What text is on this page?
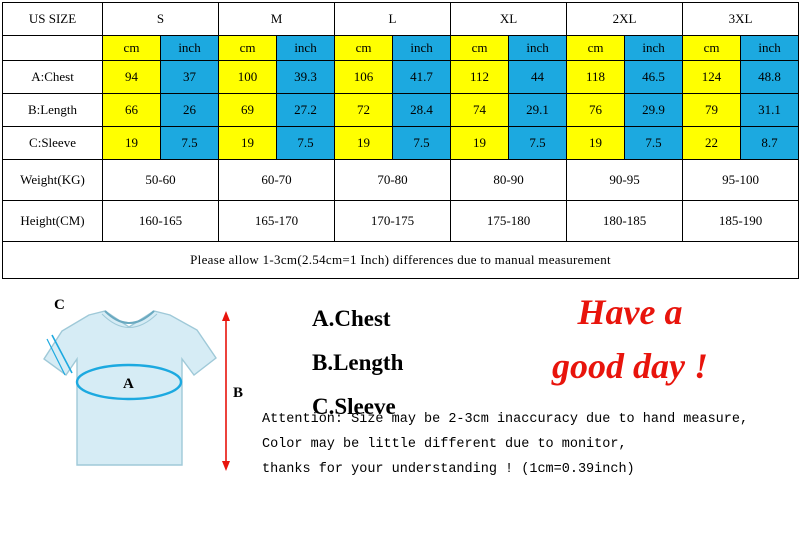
US SIZE	S		M		L		XL		2XL		3XL	
	cm	inch	cm	inch	cm	inch	cm	inch	cm	inch	cm	inch
A:Chest	94	37	100	39.3	106	41.7	112	44	118	46.5	124	48.8
B:Length	66	26	69	27.2	72	28.4	74	29.1	76	29.9	79	31.1
C:Sleeve	19	7.5	19	7.5	19	7.5	19	7.5	19	7.5	22	8.7
Weight(KG)	50-60		60-70		70-80		80-90		90-95		95-100	
Height(CM)	160-165		165-170		170-175		175-180		180-185		185-190	
Please allow 1-3cm(2.54cm=1 Inch) differences due to manual measurement												
C
A
B
A.Chest
B.Length
C.Sleeve
Have a
good day !
Attention: Size may be 2-3cm inaccuracy due to hand measure,
Color may be little different due to monitor,
thanks for your understanding ! (1cm=0.39inch)
